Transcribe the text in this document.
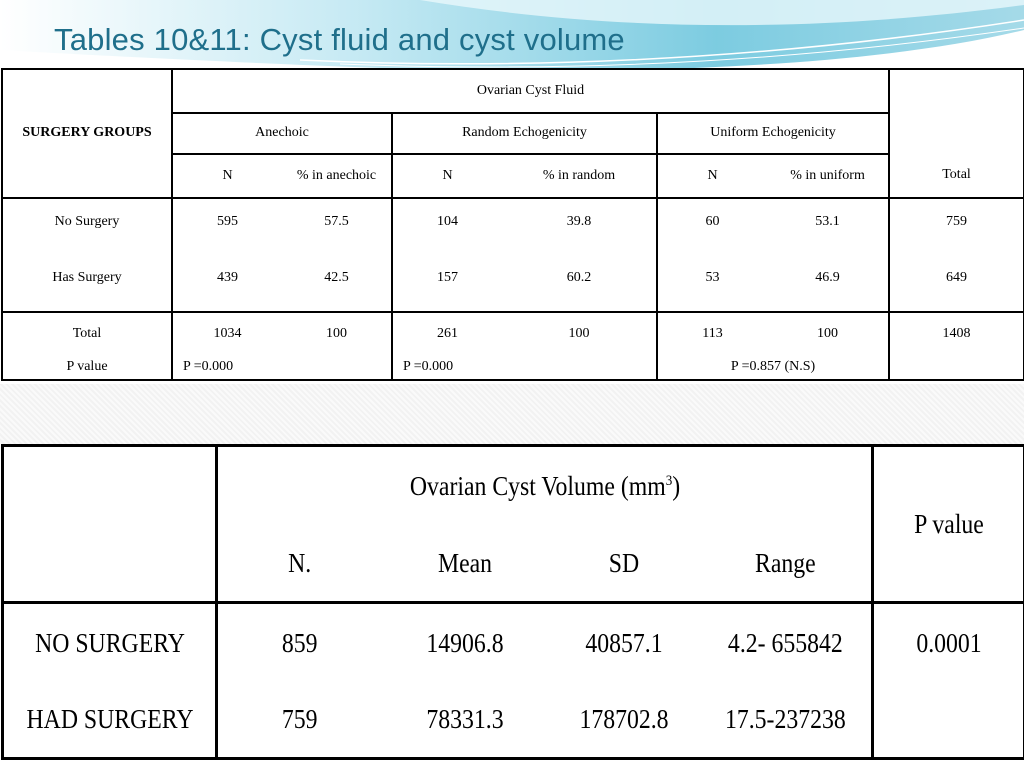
Tables 10&11: Cyst fluid and cyst volume
SURGERY GROUPS	Ovarian Cyst Fluid						
	Anechoic		Random Echogenicity		Uniform Echogenicity		
	N	% in anechoic	N	% in random	N	% in uniform	Total
No Surgery	595	57.5	104	39.8	60	53.1	759
Has Surgery	439	42.5	157	60.2	53	46.9	649
Total	1034	100	261	100	113	100	1408
P value	P =0.000		P =0.000		P =0.857 (N.S)		
	Ovarian Cyst Volume $(mm^3)$				P value
	N.	Mean	SD	Range	
NO SURGERY	859	14906.8	40857.1	4.2- 655842	0.0001
HAD SURGERY	759	78331.3	178702.8	17.5-237238	
